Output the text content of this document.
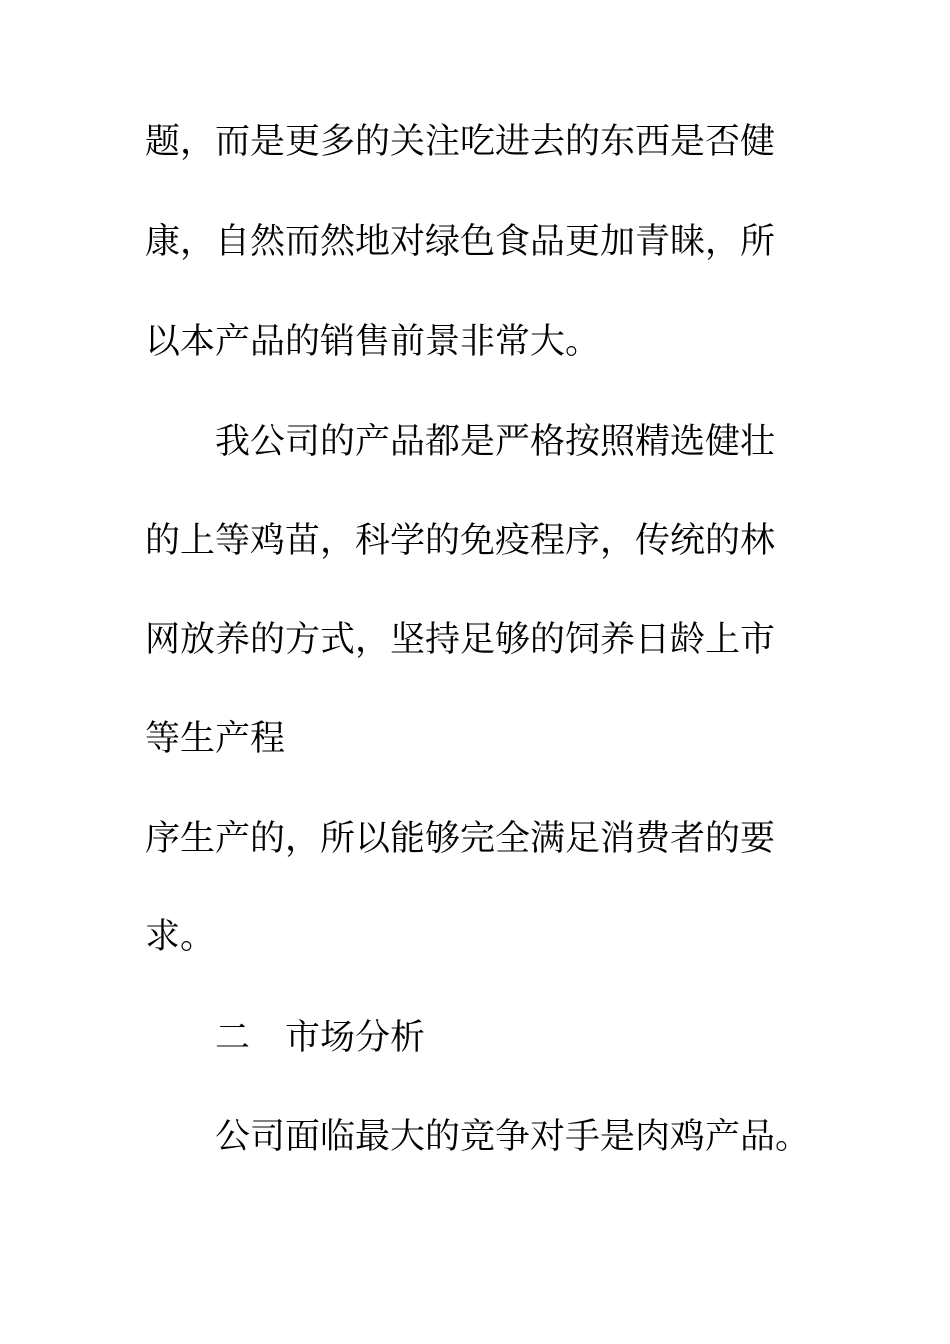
题，而是更多的关注吃进去的东西是否健
康，自然而然地对绿色食品更加青睐，所
以本产品的销售前景非常大。
我公司的产品都是严格按照精选健壮
的上等鸡苗，科学的免疫程序，传统的林
网放养的方式，坚持足够的饲养日龄上市
等生产程
序生产的，所以能够完全满足消费者的要
求。
二 市场分析
公司面临最大的竞争对手是肉鸡产品。
